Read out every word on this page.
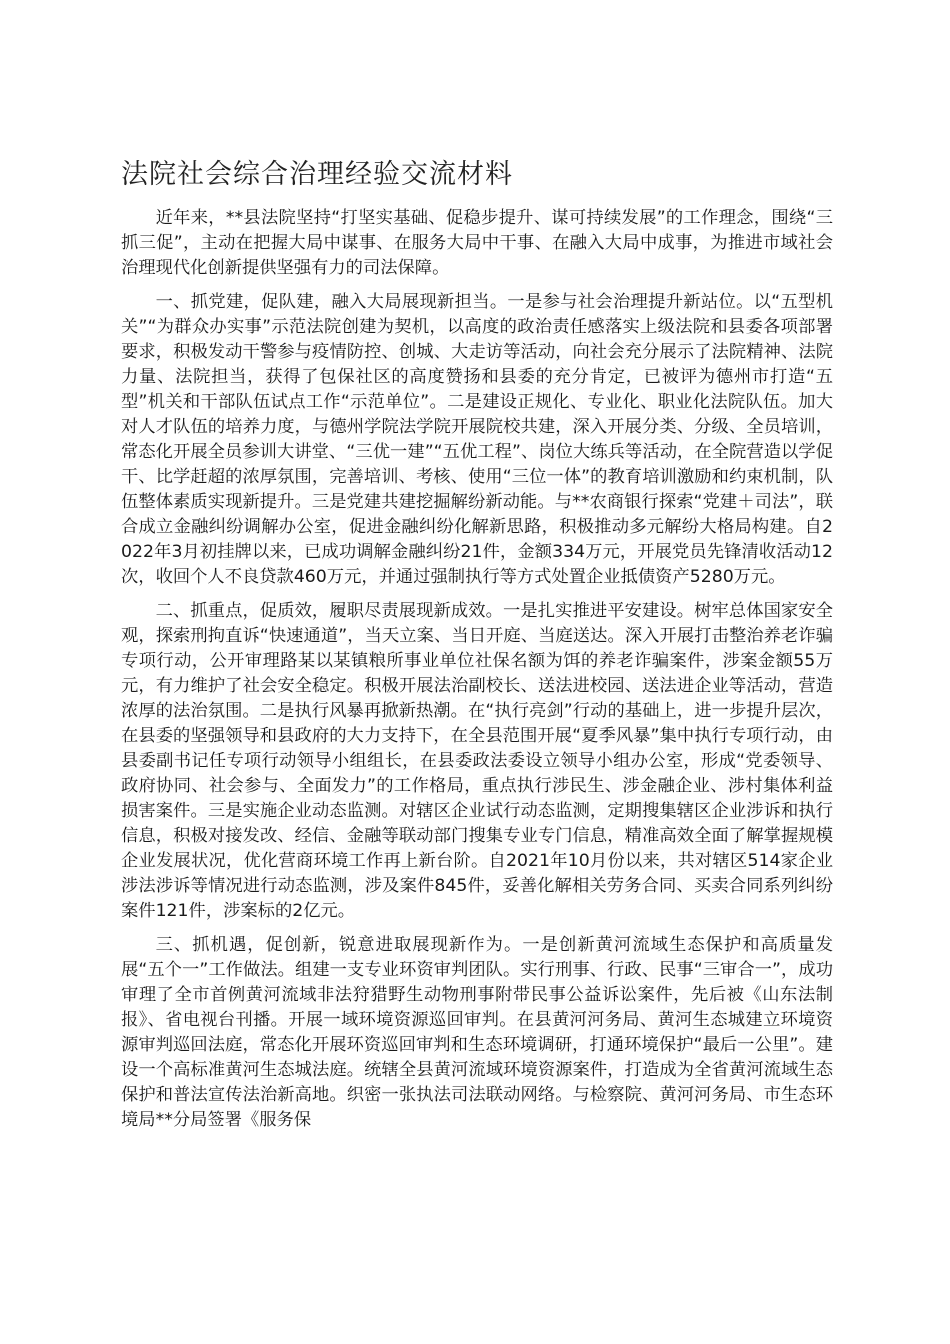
法院社会综合治理经验交流材料

近年来，**县法院坚持“打坚实基础、促稳步提升、谋可持续发展”的工作理念，围绕“三抓三促”，主动在把握大局中谋事、在服务大局中干事、在融入大局中成事，为推进市域社会治理现代化创新提供坚强有力的司法保障。

一、抓党建，促队建，融入大局展现新担当。一是参与社会治理提升新站位。以“五型机关”“为群众办实事”示范法院创建为契机，以高度的政治责任感落实上级法院和县委各项部署要求，积极发动干警参与疫情防控、创城、大走访等活动，向社会充分展示了法院精神、法院力量、法院担当，获得了包保社区的高度赞扬和县委的充分肯定，已被评为德州市打造“五型”机关和干部队伍试点工作“示范单位”。二是建设正规化、专业化、职业化法院队伍。加大对人才队伍的培养力度，与德州学院法学院开展院校共建，深入开展分类、分级、全员培训，常态化开展全员参训大讲堂、“三优一建”“五优工程”、岗位大练兵等活动，在全院营造以学促干、比学赶超的浓厚氛围，完善培训、考核、使用“三位一体”的教育培训激励和约束机制，队伍整体素质实现新提升。三是党建共建挖掘解纷新动能。与**农商银行探索“党建＋司法”，联合成立金融纠纷调解办公室，促进金融纠纷化解新思路，积极推动多元解纷大格局构建。自2022年3月初挂牌以来，已成功调解金融纠纷21件，金额334万元，开展党员先锋清收活动12次，收回个人不良贷款460万元，并通过强制执行等方式处置企业抵债资产5280万元。

二、抓重点，促质效，履职尽责展现新成效。一是扎实推进平安建设。树牢总体国家安全观，探索刑拘直诉“快速通道”，当天立案、当日开庭、当庭送达。深入开展打击整治养老诈骗专项行动，公开审理路某以某镇粮所事业单位社保名额为饵的养老诈骗案件，涉案金额55万元，有力维护了社会安全稳定。积极开展法治副校长、送法进校园、送法进企业等活动，营造浓厚的法治氛围。二是执行风暴再掀新热潮。在“执行亮剑”行动的基础上，进一步提升层次，在县委的坚强领导和县政府的大力支持下，在全县范围开展“夏季风暴”集中执行专项行动，由县委副书记任专项行动领导小组组长，在县委政法委设立领导小组办公室，形成“党委领导、政府协同、社会参与、全面发力”的工作格局，重点执行涉民生、涉金融企业、涉村集体利益损害案件。三是实施企业动态监测。对辖区企业试行动态监测，定期搜集辖区企业涉诉和执行信息，积极对接发改、经信、金融等联动部门搜集专业专门信息，精准高效全面了解掌握规模企业发展状况，优化营商环境工作再上新台阶。自2021年10月份以来，共对辖区514家企业涉法涉诉等情况进行动态监测，涉及案件845件，妥善化解相关劳务合同、买卖合同系列纠纷案件121件，涉案标的2亿元。

三、抓机遇，促创新，锐意进取展现新作为。一是创新黄河流域生态保护和高质量发展“五个一”工作做法。组建一支专业环资审判团队。实行刑事、行政、民事“三审合一”，成功审理了全市首例黄河流域非法狩猎野生动物刑事附带民事公益诉讼案件，先后被《山东法制报》、省电视台刊播。开展一域环境资源巡回审判。在县黄河河务局、黄河生态城建立环境资源审判巡回法庭，常态化开展环资巡回审判和生态环境调研，打通环境保护“最后一公里”。建设一个高标准黄河生态城法庭。统辖全县黄河流域环境资源案件，打造成为全省黄河流域生态保护和普法宣传法治新高地。织密一张执法司法联动网络。与检察院、黄河河务局、市生态环境局**分局签署《服务保
